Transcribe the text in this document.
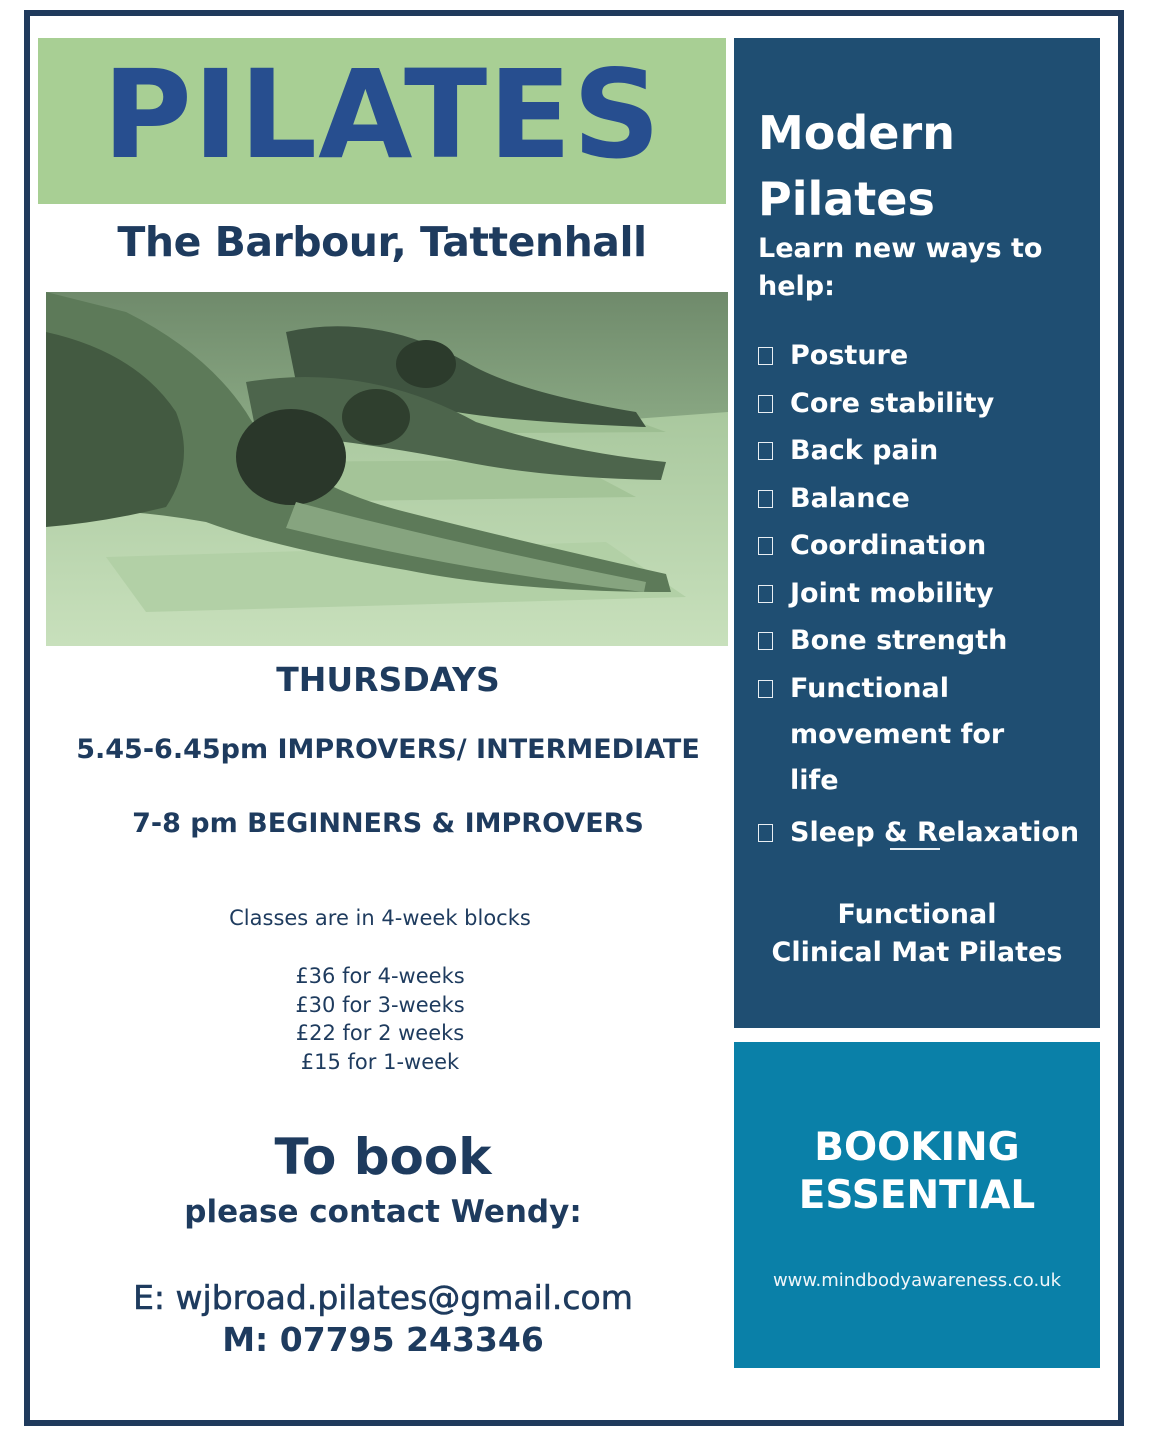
PILATES
The Barbour, Tattenhall
THURSDAYS
5.45-6.45pm IMPROVERS/ INTERMEDIATE
7-8 pm BEGINNERS & IMPROVERS
Classes are in 4-week blocks
£36 for 4-weeks
£30 for 3-weeks
£22 for 2 weeks
£15 for 1-week
To book
please contact Wendy:
E: wjbroad.pilates@gmail.com
M: 07795 243346
Modern
Pilates
Learn new ways to
help:
Posture
Core stability
Back pain
Balance
Coordination
Joint mobility
Bone strength
Functional movement for life
Sleep & Relaxation
Functional
Clinical Mat Pilates
BOOKING
ESSENTIAL
www.mindbodyawareness.co.uk
